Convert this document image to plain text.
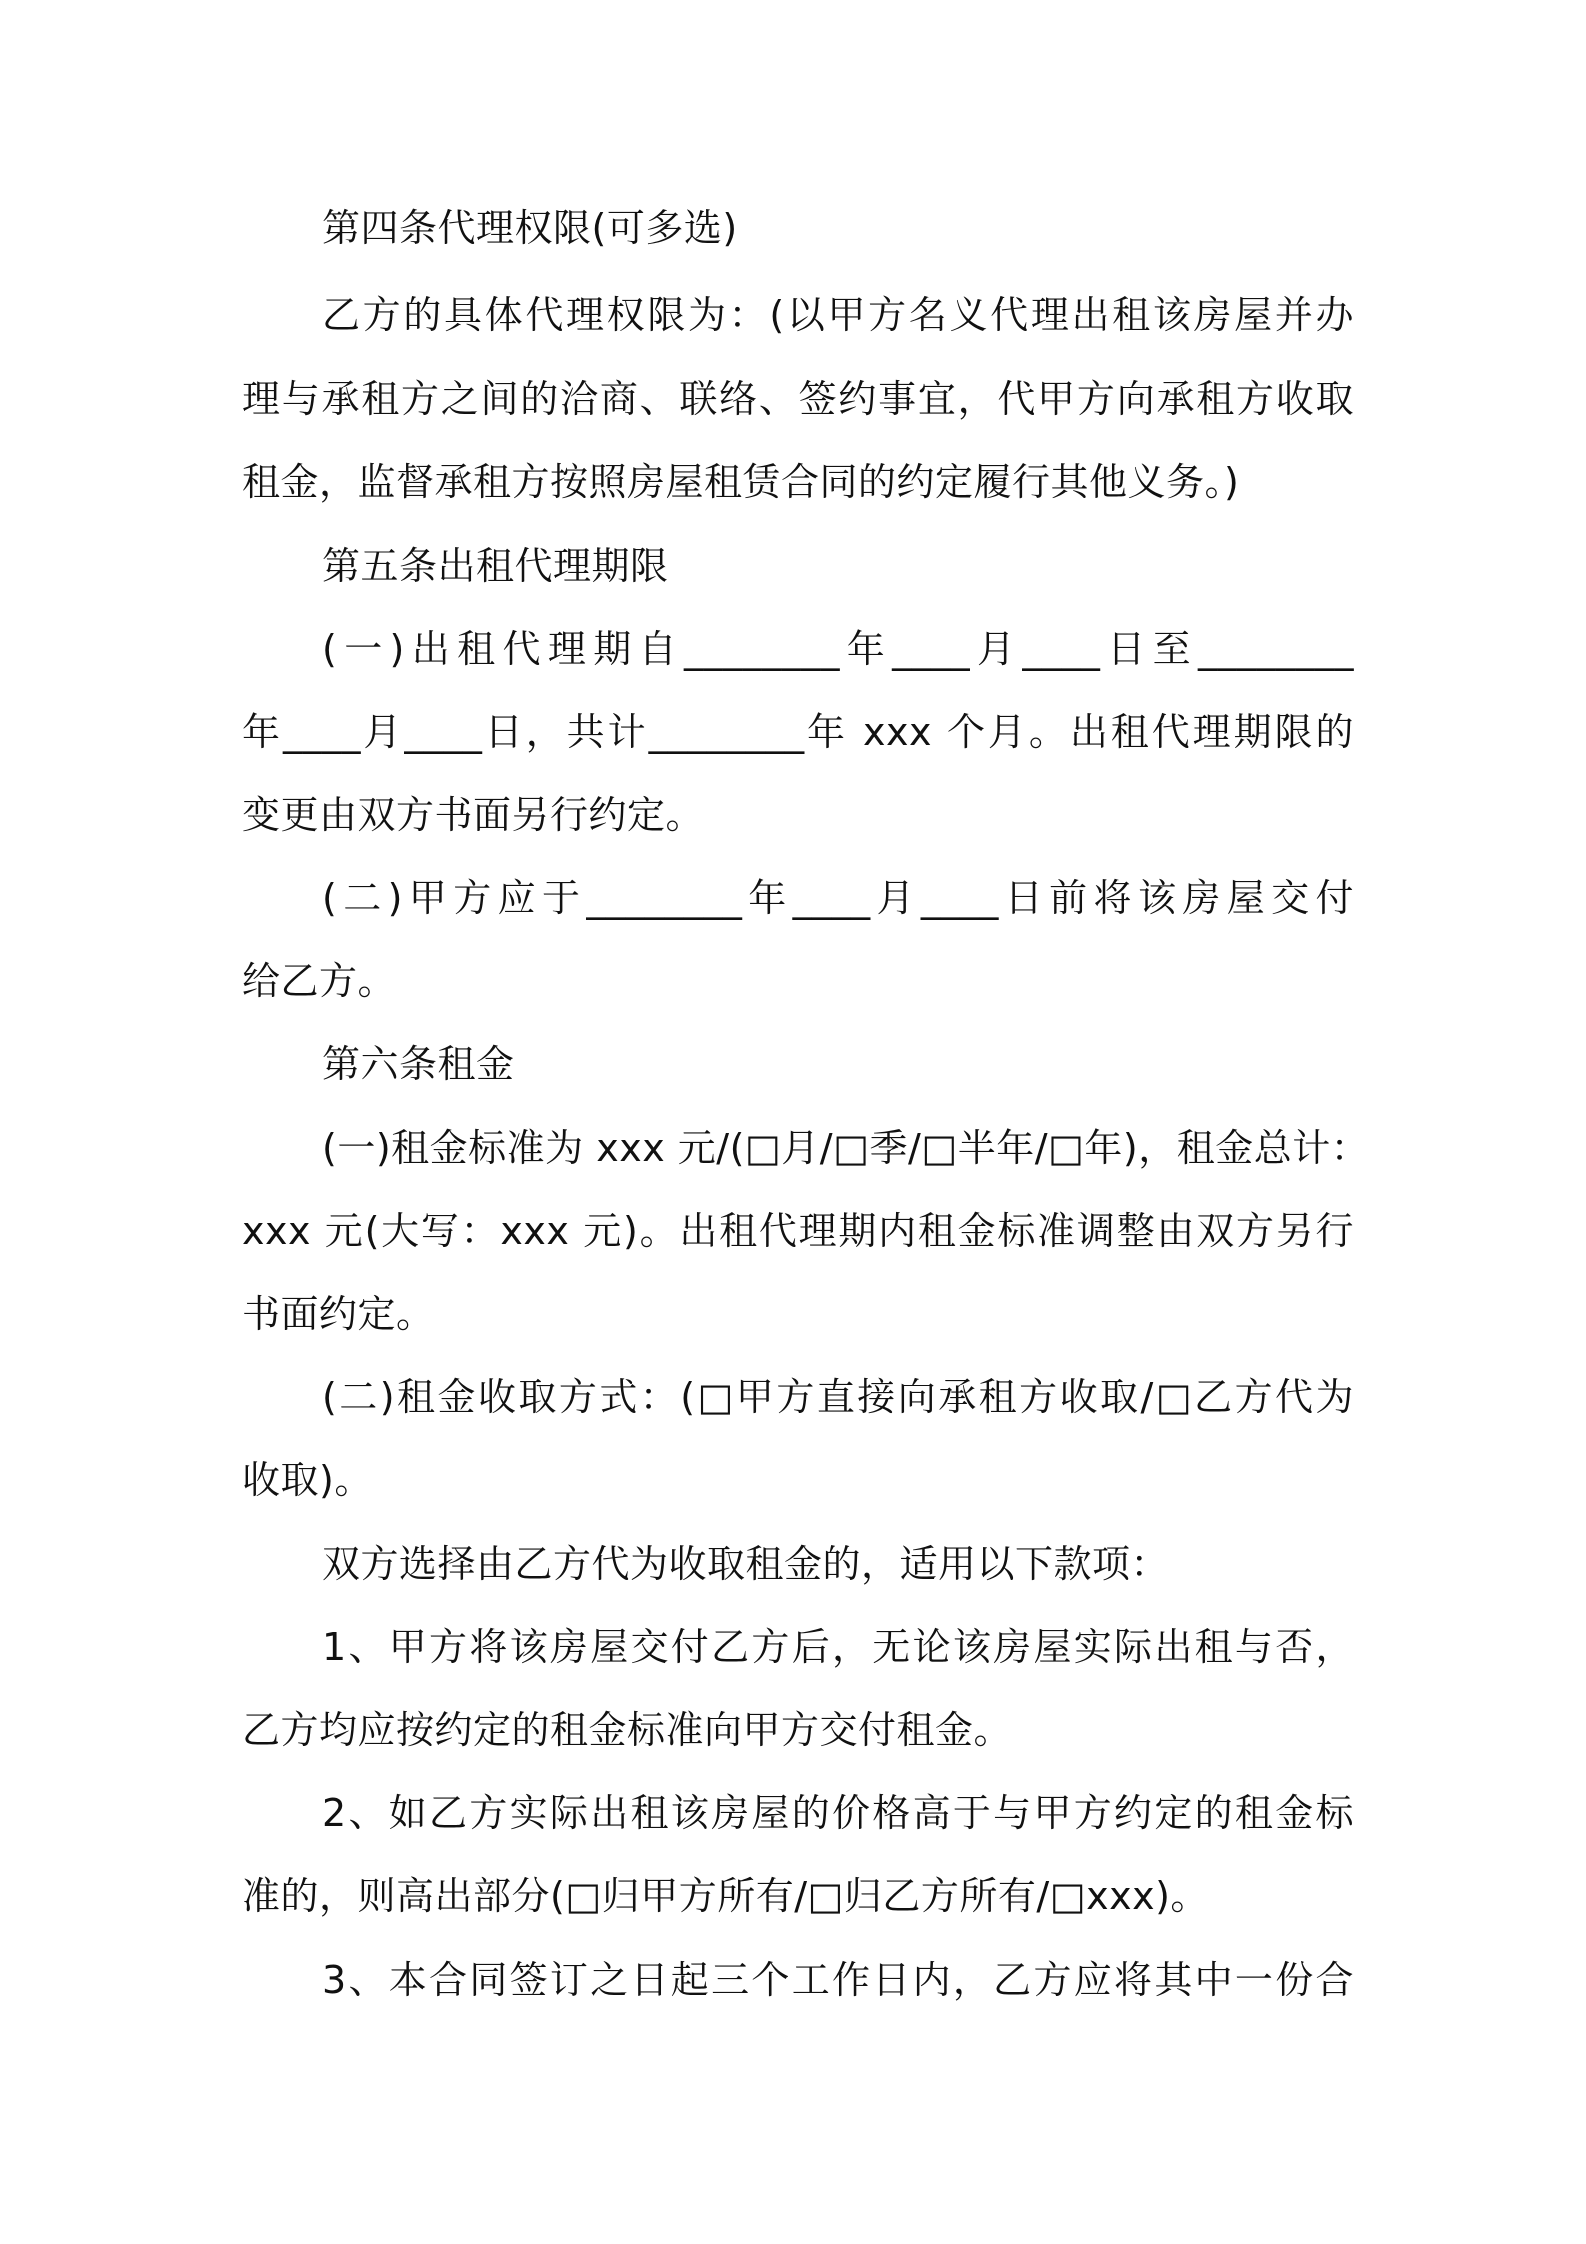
第四条代理权限(可多选)
乙方的具体代理权限为：(以甲方名义代理出租该房屋并办
理与承租方之间的洽商、联络、签约事宜，代甲方向承租方收取
租金，监督承租方按照房屋租赁合同的约定履行其他义务。)
第五条出租代理期限
(一)出租代理期自________年____月____日至________
年____月____日，共计________年 xxx 个月。出租代理期限的
变更由双方书面另行约定。
(二)甲方应于________年____月____日前将该房屋交付
给乙方。
第六条租金
(一)租金标准为 xxx 元/(□月/□季/□半年/□年)，租金总计：
xxx 元(大写：xxx 元)。出租代理期内租金标准调整由双方另行
书面约定。
(二)租金收取方式：(□甲方直接向承租方收取/□乙方代为
收取)。
双方选择由乙方代为收取租金的，适用以下款项：
1、甲方将该房屋交付乙方后，无论该房屋实际出租与否，
乙方均应按约定的租金标准向甲方交付租金。
2、如乙方实际出租该房屋的价格高于与甲方约定的租金标
准的，则高出部分(□归甲方所有/□归乙方所有/□xxx)。
3、本合同签订之日起三个工作日内，乙方应将其中一份合
